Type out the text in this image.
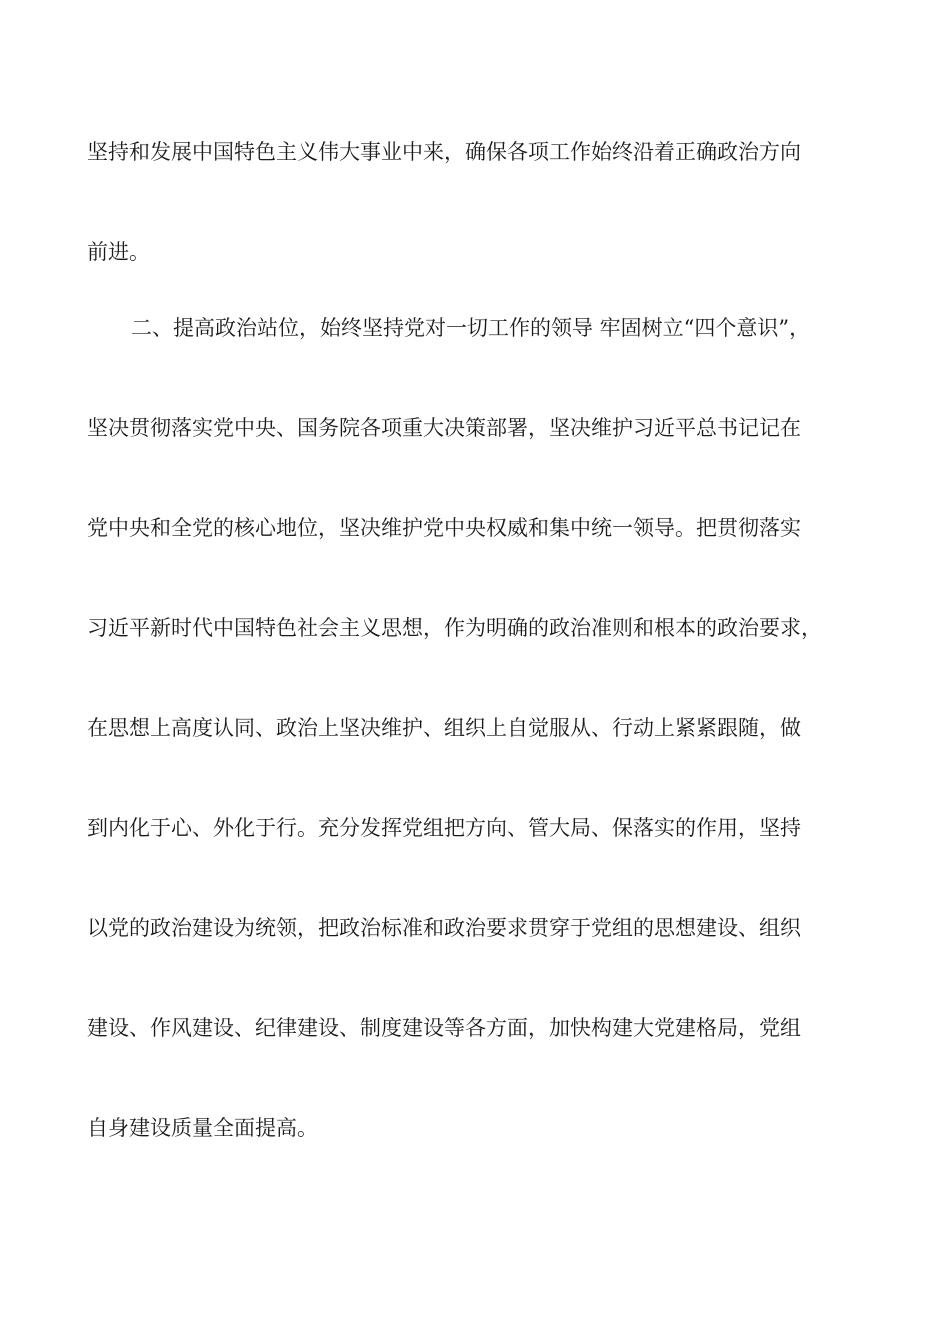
坚持和发展中国特色主义伟大事业中来，确保各项工作始终沿着正确政治方向
前进。
二、提高政治站位，始终坚持党对一切工作的领导 牢固树立“四个意识”，
坚决贯彻落实党中央、国务院各项重大决策部署，坚决维护习近平总书记记在
党中央和全党的核心地位，坚决维护党中央权威和集中统一领导。把贯彻落实
习近平新时代中国特色社会主义思想，作为明确的政治准则和根本的政治要求，
在思想上高度认同、政治上坚决维护、组织上自觉服从、行动上紧紧跟随，做
到内化于心、外化于行。充分发挥党组把方向、管大局、保落实的作用，坚持
以党的政治建设为统领，把政治标准和政治要求贯穿于党组的思想建设、组织
建设、作风建设、纪律建设、制度建设等各方面，加快构建大党建格局，党组
自身建设质量全面提高。
